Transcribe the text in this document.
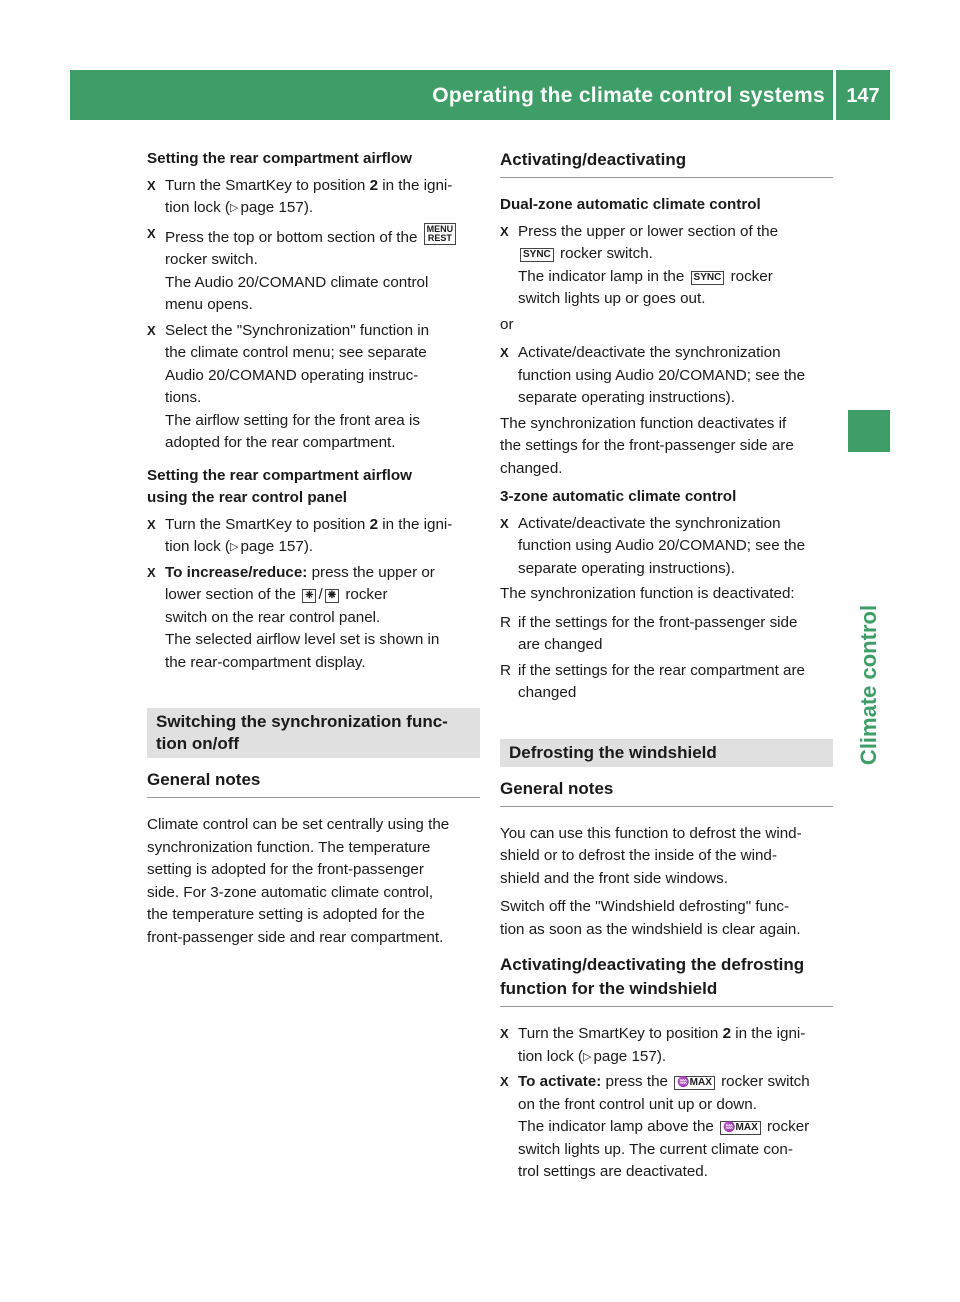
Operating the climate control systems	147
Climate control
Setting the rear compartment airflow
X Turn the SmartKey to position 2 in the igni-
tion lock (▷ page 157).
X Press the top or bottom section of the MENU
REST
rocker switch.
The Audio 20/COMAND climate control
menu opens.
X Select the "Synchronization" function in
the climate control menu; see separate
Audio 20/COMAND operating instruc-
tions.
The airflow setting for the front area is
adopted for the rear compartment.
Setting the rear compartment airflow
using the rear control panel
X Turn the SmartKey to position 2 in the igni-
tion lock (▷ page 157).
X To increase/reduce: press the upper or
lower section of the ❈ / ❋ rocker
switch on the rear control panel.
The selected airflow level set is shown in
the rear-compartment display.
Switching the synchronization func-
tion on/off
General notes

Climate control can be set centrally using the
synchronization function. The temperature
setting is adopted for the front-passenger
side. For 3-zone automatic climate control,
the temperature setting is adopted for the
front-passenger side and rear compartment.

Activating/deactivating
Dual-zone automatic climate control
X Press the upper or lower section of the
SYNC rocker switch.
The indicator lamp in the SYNC rocker
switch lights up or goes out.

or

X Activate/deactivate the synchronization
function using Audio 20/COMAND; see the
separate operating instructions).

The synchronization function deactivates if
the settings for the front-passenger side are
changed.

3-zone automatic climate control
X Activate/deactivate the synchronization
function using Audio 20/COMAND; see the
separate operating instructions).

The synchronization function is deactivated:

R if the settings for the front-passenger side
are changed
R if the settings for the rear compartment are
changed
Defrosting the windshield
General notes

You can use this function to defrost the wind-
shield or to defrost the inside of the wind-
shield and the front side windows.

Switch off the "Windshield defrosting" func-
tion as soon as the windshield is clear again.

Activating/deactivating the defrosting
function for the windshield
X Turn the SmartKey to position 2 in the igni-
tion lock (▷ page 157).
X To activate: press the ♒MAX rocker switch
on the front control unit up or down.
The indicator lamp above the ♒MAX rocker
switch lights up. The current climate con-
trol settings are deactivated.
